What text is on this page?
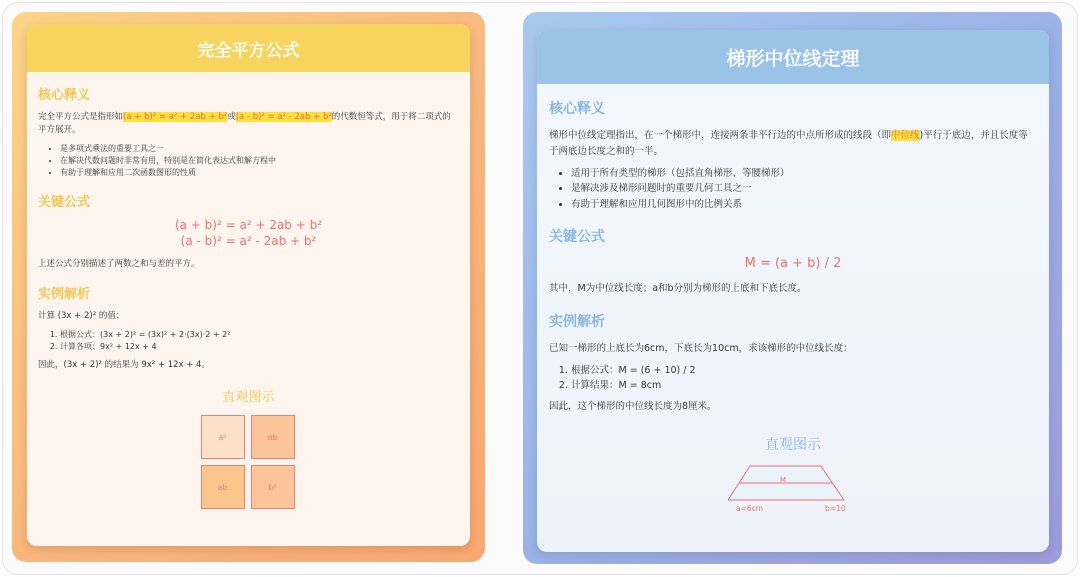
完全平方公式
核心释义

完全平方公式是指形如(a + b)² = a² + 2ab + b²或(a - b)² = a² - 2ab + b²的代数恒等式，用于将二项式的平方展开。

• 是多项式乘法的重要工具之一
• 在解决代数问题时非常有用，特别是在简化表达式和解方程中
• 有助于理解和应用二次函数图形的性质
关键公式
(a + b)² = a² + 2ab + b²
(a - b)² = a² - 2ab + b²

上述公式分别描述了两数之和与差的平方。

实例解析

计算 (3x + 2)² 的值：

1. 根据公式：(3x + 2)² = (3x)² + 2·(3x)·2 + 2²
2. 计算各项：9x² + 12x + 4

因此，(3x + 2)² 的结果为 9x² + 12x + 4。

直观图示
a²	ab
ab	b²
梯形中位线定理
核心释义

梯形中位线定理指出，在一个梯形中，连接两条非平行边的中点所形成的线段（即中位线)平行于底边，并且长度等于两底边长度之和的一半。

• 适用于所有类型的梯形（包括直角梯形、等腰梯形）
• 是解决涉及梯形问题时的重要几何工具之一
• 有助于理解和应用几何图形中的比例关系
关键公式
M = (a + b) / 2

其中，M为中位线长度；a和b分别为梯形的上底和下底长度。

实例解析

已知一梯形的上底长为6cm，下底长为10cm，求该梯形的中位线长度：

1. 根据公式：M = (6 + 10) / 2
2. 计算结果：M = 8cm

因此，这个梯形的中位线长度为8厘米。

直观图示
M
a=6cm	b=10
